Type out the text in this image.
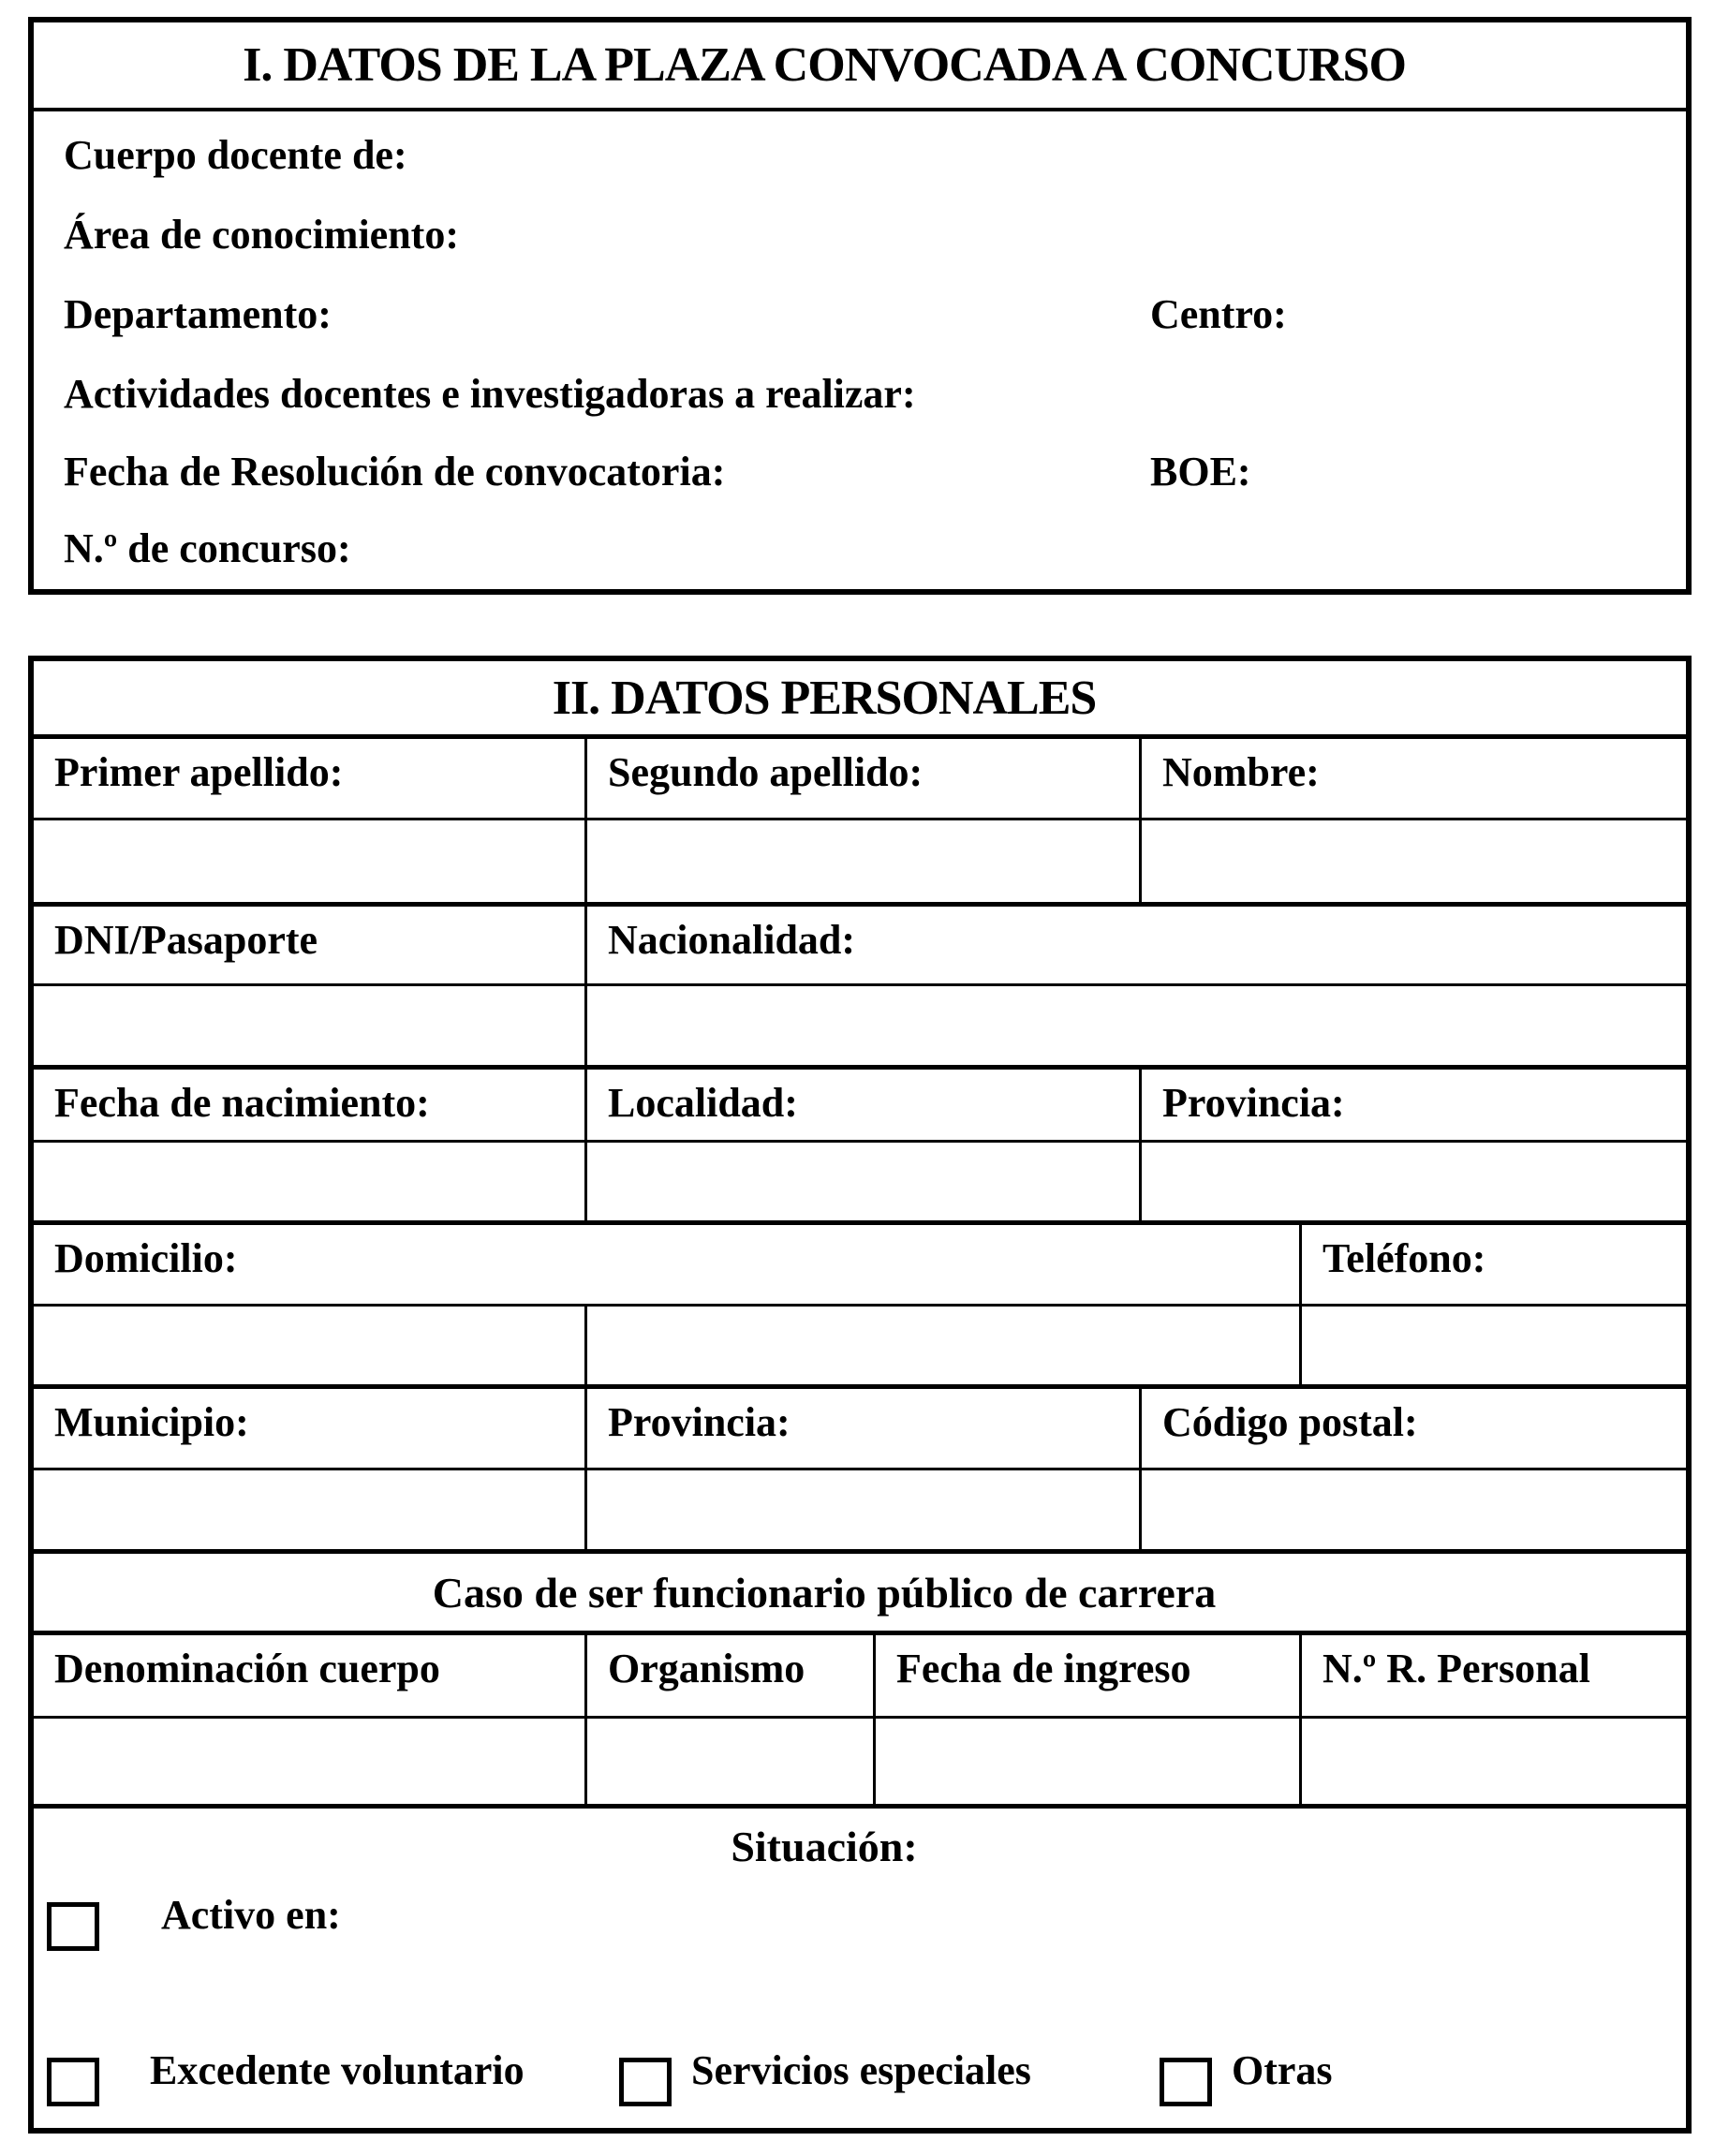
I. DATOS DE LA PLAZA CONVOCADA A CONCURSO
Cuerpo docente de:
Área de conocimiento:
Departamento:	Centro:
Actividades docentes e investigadoras a realizar:
Fecha de Resolución de convocatoria:	BOE:
N.º de concurso:
II. DATOS PERSONALES
Primer apellido:	Segundo apellido:	Nombre:
DNI/Pasaporte	Nacionalidad:
Fecha de nacimiento:	Localidad:	Provincia:
Domicilio:	Teléfono:
Municipio:	Provincia:	Código postal:
Caso de ser funcionario público de carrera
Denominación cuerpo	Organismo	Fecha de ingreso	N.º R. Personal
Situación:
Activo en:
Excedente voluntario	Servicios especiales	Otras
